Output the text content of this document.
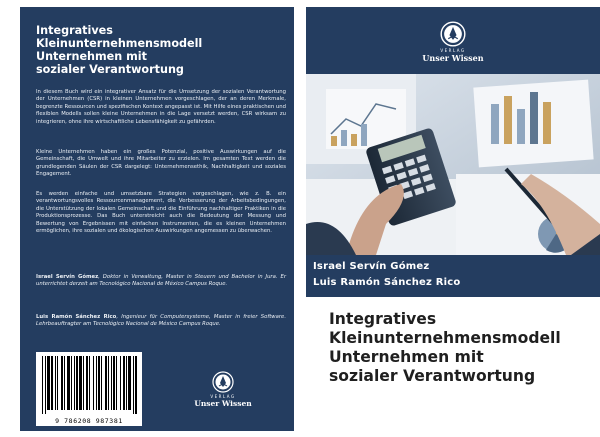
Integratives
Kleinunternehmensmodell
Unternehmen mit
sozialer Verantwortung
In diesem Buch wird ein integrativer Ansatz für die Umsetzung der sozialen Verantwortung der Unternehmen (CSR) in kleinen Unternehmen vorgeschlagen, der an deren Merkmale, begrenzte Ressourcen und spezifischen Kontext angepasst ist. Mit Hilfe eines praktischen und flexiblen Modells sollen kleine Unternehmen in die Lage versetzt werden, CSR wirksam zu integrieren, ohne ihre wirtschaftliche Lebensfähigkeit zu gefährden.
Kleine Unternehmen haben ein großes Potenzial, positive Auswirkungen auf die Gemeinschaft, die Umwelt und ihre Mitarbeiter zu erzielen. Im gesamten Text werden die grundlegenden Säulen der CSR dargelegt: Unternehmensethik, Nachhaltigkeit und soziales Engagement.
Es werden einfache und umsetzbare Strategien vorgeschlagen, wie z. B. ein verantwortungsvolles Ressourcenmanagement, die Verbesserung der Arbeitsbedingungen, die Unterstützung der lokalen Gemeinschaft und die Einführung nachhaltiger Praktiken in die Produktionsprozesse. Das Buch unterstreicht auch die Bedeutung der Messung und Bewertung von Ergebnissen mit einfachen Instrumenten, die es kleinen Unternehmen ermöglichen, ihre sozialen und ökologischen Auswirkungen angemessen zu überwachen.
Israel Servín Gómez, Doktor in Verwaltung, Master in Steuern und Bachelor in Jura. Er unterrichtet derzeit am Tecnológico Nacional de México Campus Roque.
Luis Ramón Sánchez Rico, Ingenieur für Computersysteme, Master in freier Software. Lehrbeauftragter am Tecnológico Nacional de México Campus Roque.
9 786208 987381
VERLAG
Unser Wissen
VERLAG
Unser Wissen
Israel Servín Gómez
Luis Ramón Sánchez Rico
Integratives
Kleinunternehmensmodell
Unternehmen mit
sozialer Verantwortung
